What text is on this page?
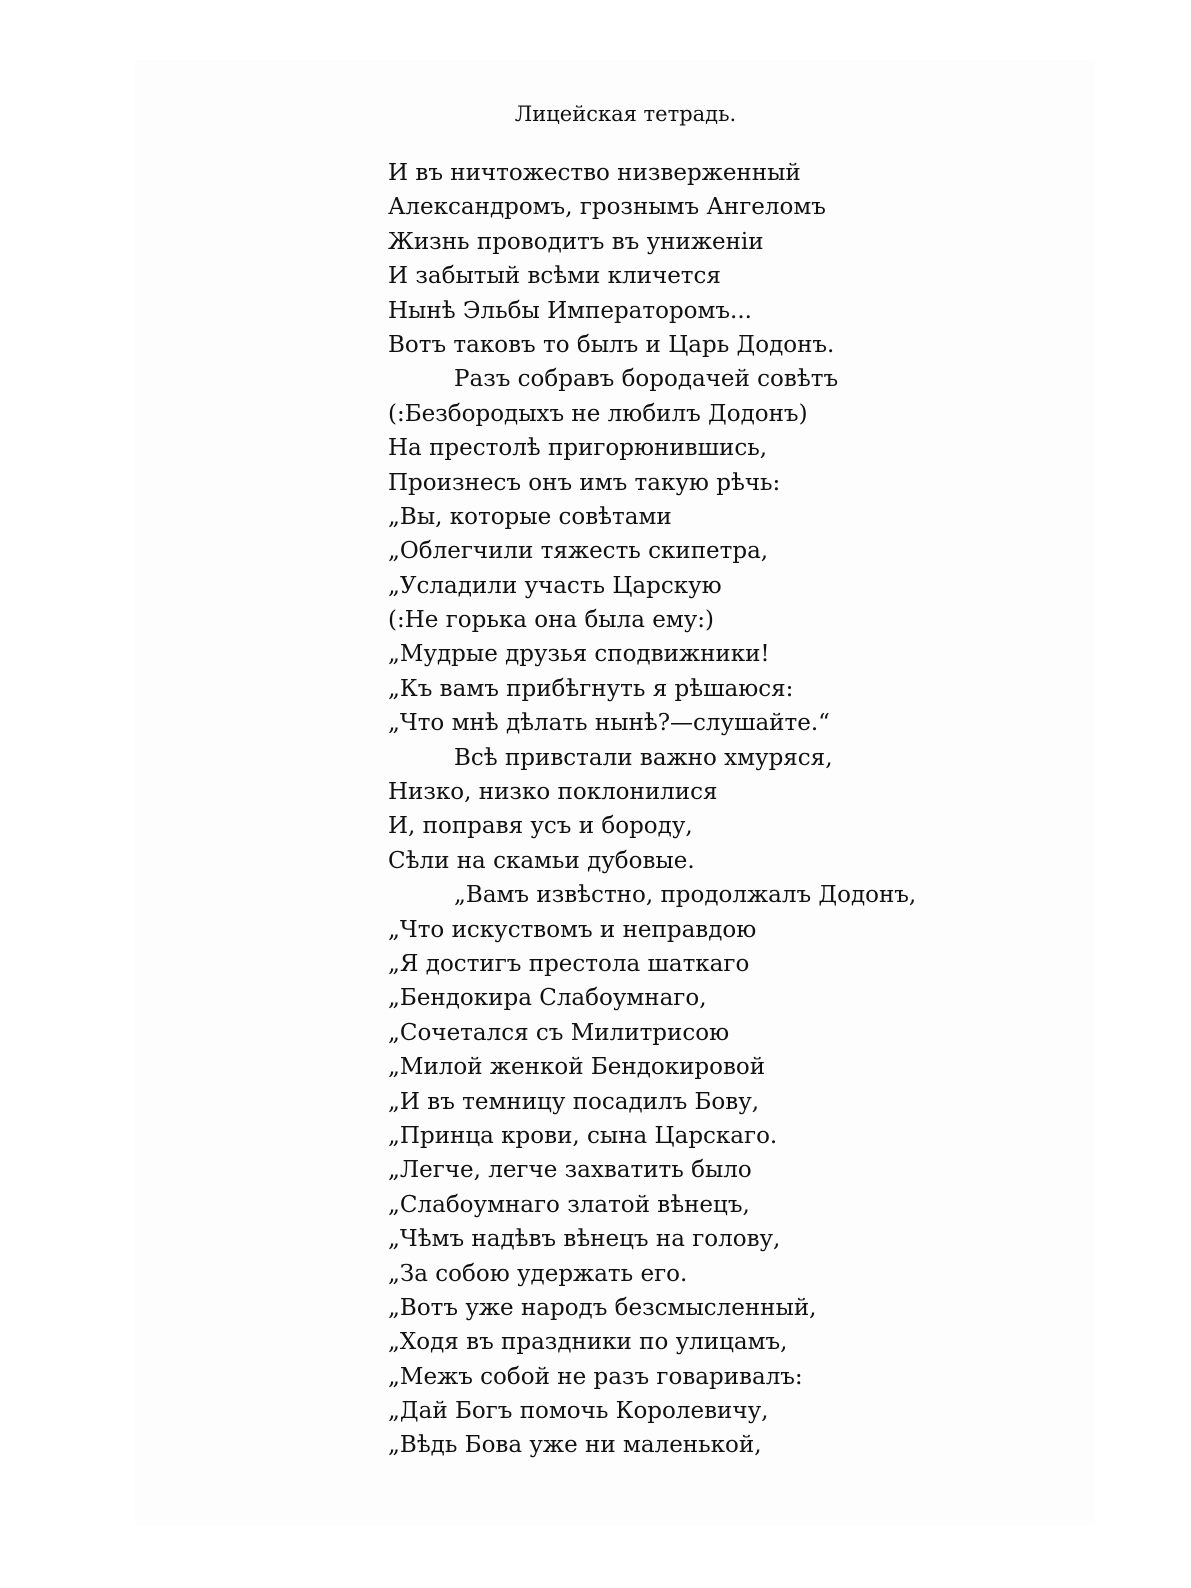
Лицейская тетрадь.
И въ ничтожество низверженный
Александромъ, грознымъ Ангеломъ
Жизнь проводитъ въ униженiи
И забытый всѣми кличется
Нынѣ Эльбы Императоромъ...
Вотъ таковъ то былъ и Царь Додонъ.
Разъ собравъ бородачей совѣтъ
(:Безбородыхъ не любилъ Додонъ)
На престолѣ пригорюнившись,
Произнесъ онъ имъ такую рѣчь:
„Вы, которые совѣтами
„Облегчили тяжесть скипетра,
„Усладили участь Царскую
(:Не горька она была ему:)
„Мудрые друзья сподвижники!
„Къ вамъ прибѣгнуть я рѣшаюся:
„Что мнѣ дѣлать нынѣ?—слушайте.“
Всѣ привстали важно хмуряся,
Низко, низко поклонилися
И, поправя усъ и бороду,
Сѣли на скамьи дубовые.
„Вамъ извѣстно, продолжалъ Додонъ,
„Что искуствомъ и неправдою
„Я достигъ престола шаткаго
„Бендокира Слабоумнаго,
„Сочетался съ Милитрисою
„Милой женкой Бендокировой
„И въ темницу посадилъ Бову,
„Принца крови, сына Царскаго.
„Легче, легче захватить было
„Слабоумнаго златой вѣнецъ,
„Чѣмъ надѣвъ вѣнецъ на голову,
„За собою удержать его.
„Вотъ уже народъ безсмысленный,
„Ходя въ праздники по улицамъ,
„Межъ собой не разъ говаривалъ:
„Дай Богъ помочь Королевичу,
„Вѣдь Бова уже ни маленькой,
